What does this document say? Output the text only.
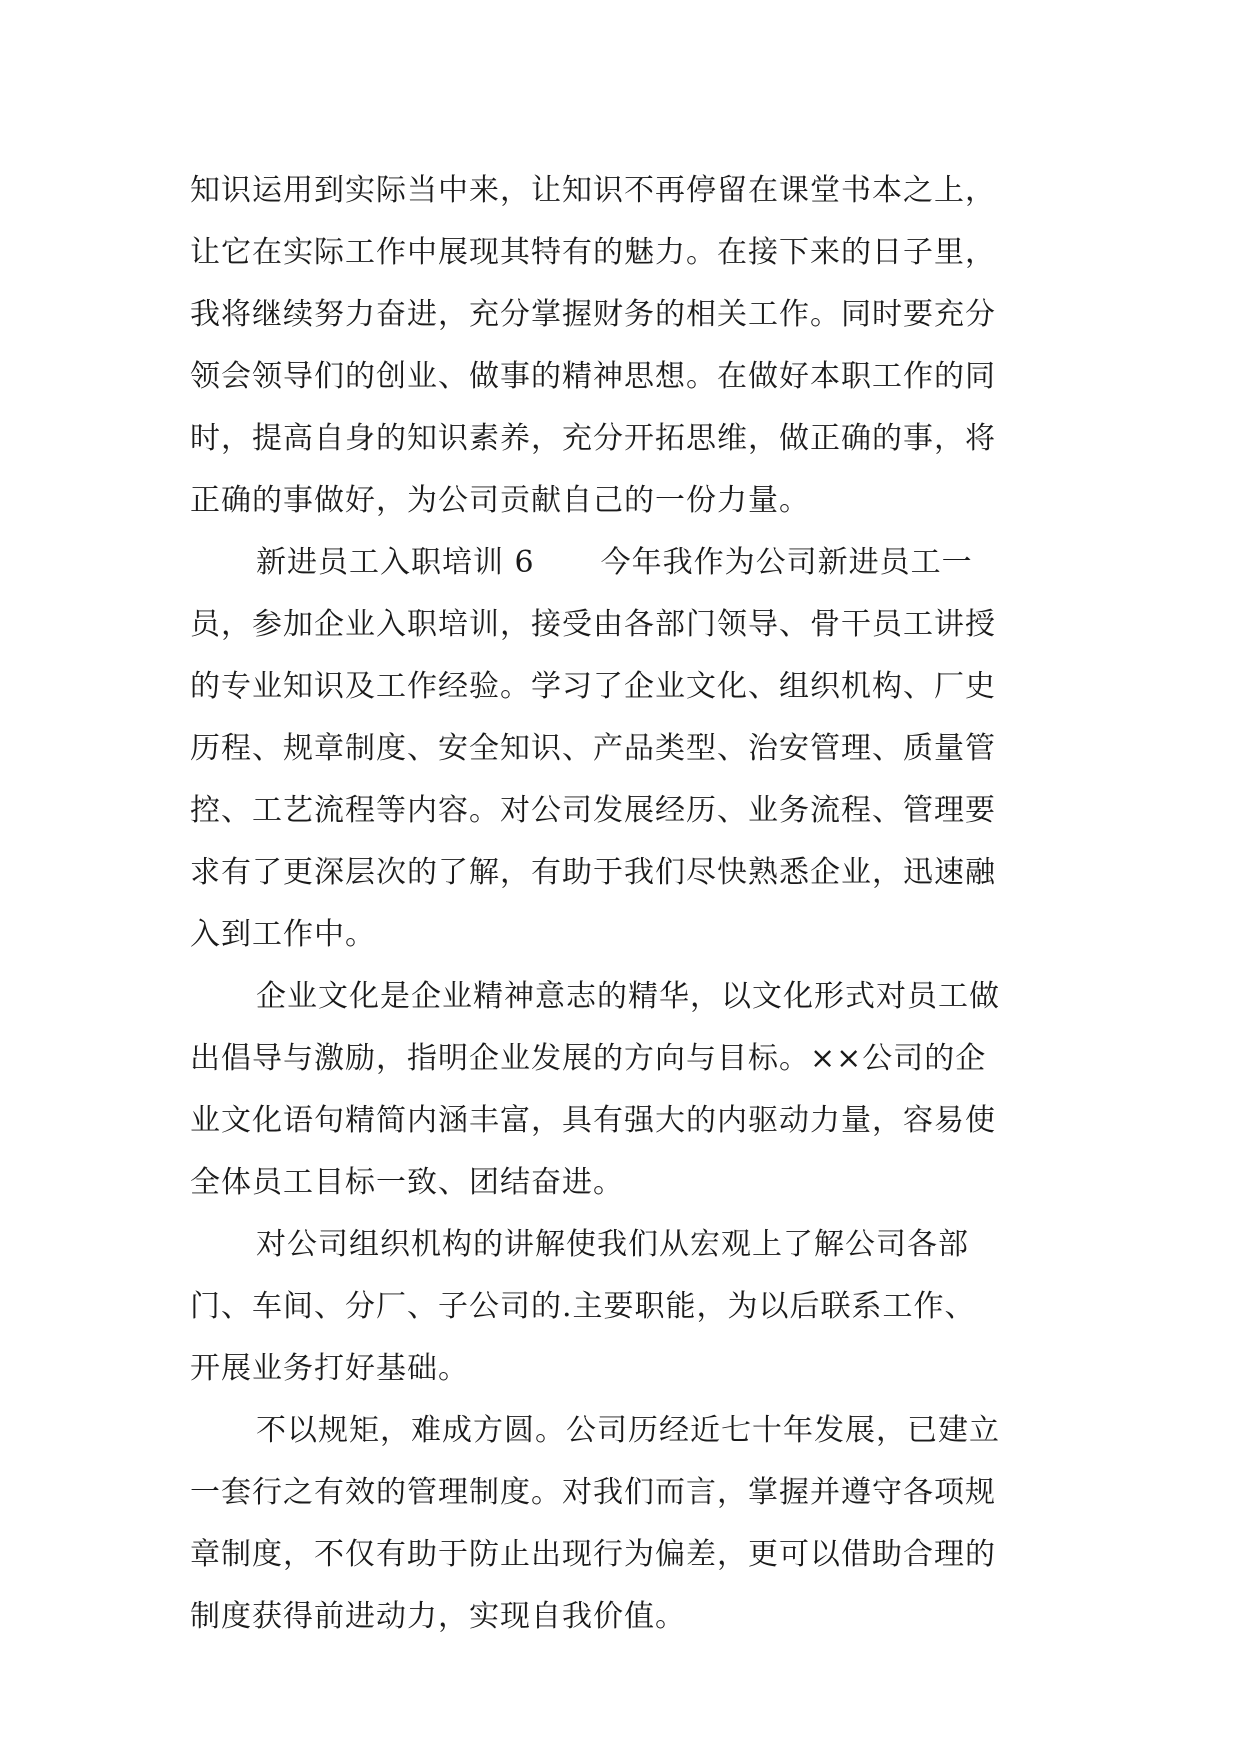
知识运用到实际当中来，让知识不再停留在课堂书本之上，
让它在实际工作中展现其特有的魅力。在接下来的日子里，
我将继续努力奋进，充分掌握财务的相关工作。同时要充分
领会领导们的创业、做事的精神思想。在做好本职工作的同
时，提高自身的知识素养，充分开拓思维，做正确的事，将
正确的事做好，为公司贡献自己的一份力量。
新进员工入职培训 6 今年我作为公司新进员工一
员，参加企业入职培训，接受由各部门领导、骨干员工讲授
的专业知识及工作经验。学习了企业文化、组织机构、厂史
历程、规章制度、安全知识、产品类型、治安管理、质量管
控、工艺流程等内容。对公司发展经历、业务流程、管理要
求有了更深层次的了解，有助于我们尽快熟悉企业，迅速融
入到工作中。
企业文化是企业精神意志的精华，以文化形式对员工做
出倡导与激励，指明企业发展的方向与目标。××公司的企
业文化语句精简内涵丰富，具有强大的内驱动力量，容易使
全体员工目标一致、团结奋进。
对公司组织机构的讲解使我们从宏观上了解公司各部
门、车间、分厂、子公司的.主要职能，为以后联系工作、
开展业务打好基础。
不以规矩，难成方圆。公司历经近七十年发展，已建立
一套行之有效的管理制度。对我们而言，掌握并遵守各项规
章制度，不仅有助于防止出现行为偏差，更可以借助合理的
制度获得前进动力，实现自我价值。
